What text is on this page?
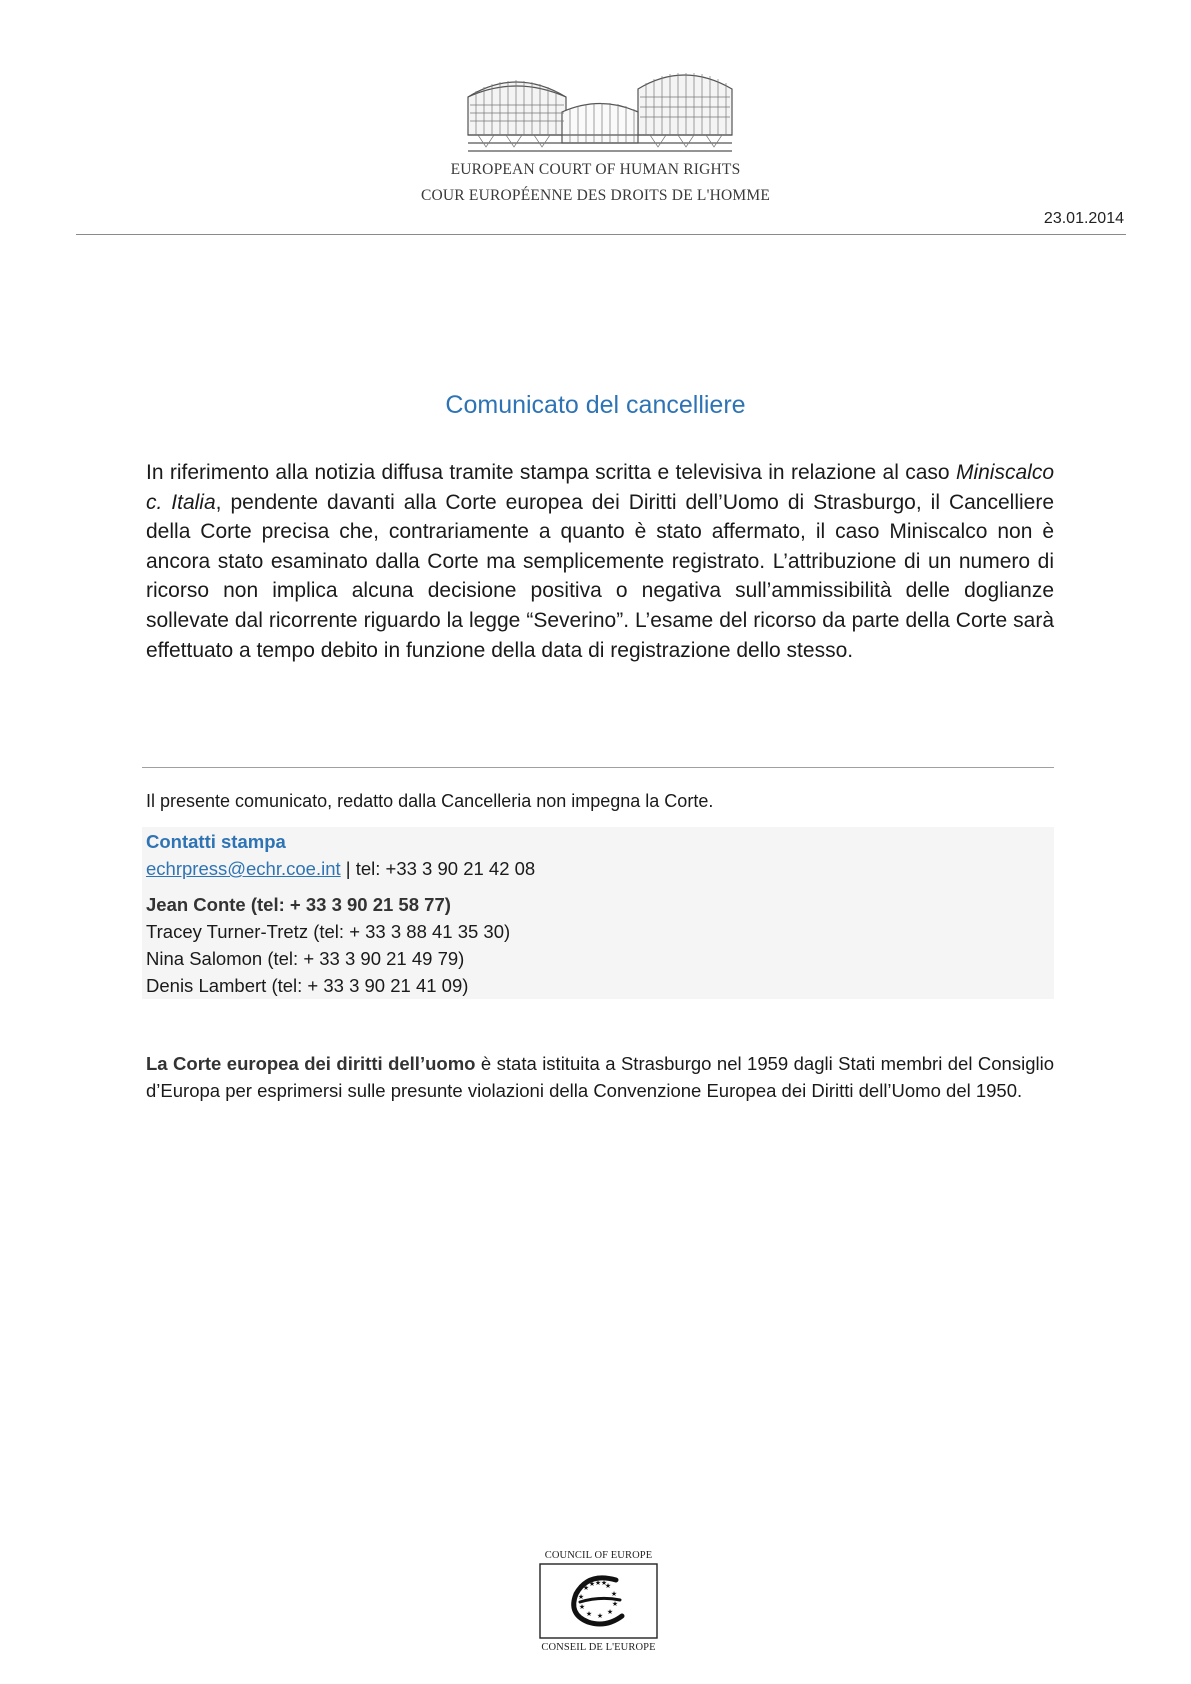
EUROPEAN COURT OF HUMAN RIGHTS
COUR EUROPÉENNE DES DROITS DE L'HOMME
23.01.2014
Comunicato del cancelliere

In riferimento alla notizia diffusa tramite stampa scritta e televisiva in relazione al caso Miniscalco c. Italia, pendente davanti alla Corte europea dei Diritti dell’Uomo di Strasburgo, il Cancelliere della Corte precisa che, contrariamente a quanto è stato affermato, il caso Miniscalco non è ancora stato esaminato dalla Corte ma semplicemente registrato. L’attribuzione di un numero di ricorso non implica alcuna decisione positiva o negativa sull’ammissibilità delle doglianze sollevate dal ricorrente riguardo la legge “Severino”. L’esame del ricorso da parte della Corte sarà effettuato a tempo debito in funzione della data di registrazione dello stesso.

Il presente comunicato, redatto dalla Cancelleria non impegna la Corte.
Contatti stampa
echrpress@echr.coe.int | tel: +33 3 90 21 42 08
Jean Conte (tel: + 33 3 90 21 58 77)
Tracey Turner-Tretz (tel: + 33 3 88 41 35 30)
Nina Salomon (tel: + 33 3 90 21 49 79)
Denis Lambert (tel: + 33 3 90 21 41 09)

La Corte europea dei diritti dell’uomo è stata istituita a Strasburgo nel 1959 dagli Stati membri del Consiglio d’Europa per esprimersi sulle presunte violazioni della Convenzione Europea dei Diritti dell’Uomo del 1950.

COUNCIL OF EUROPE
★ ★
★
★
★
★
★
★
★
★ ★ ★
CONSEIL DE L'EUROPE
